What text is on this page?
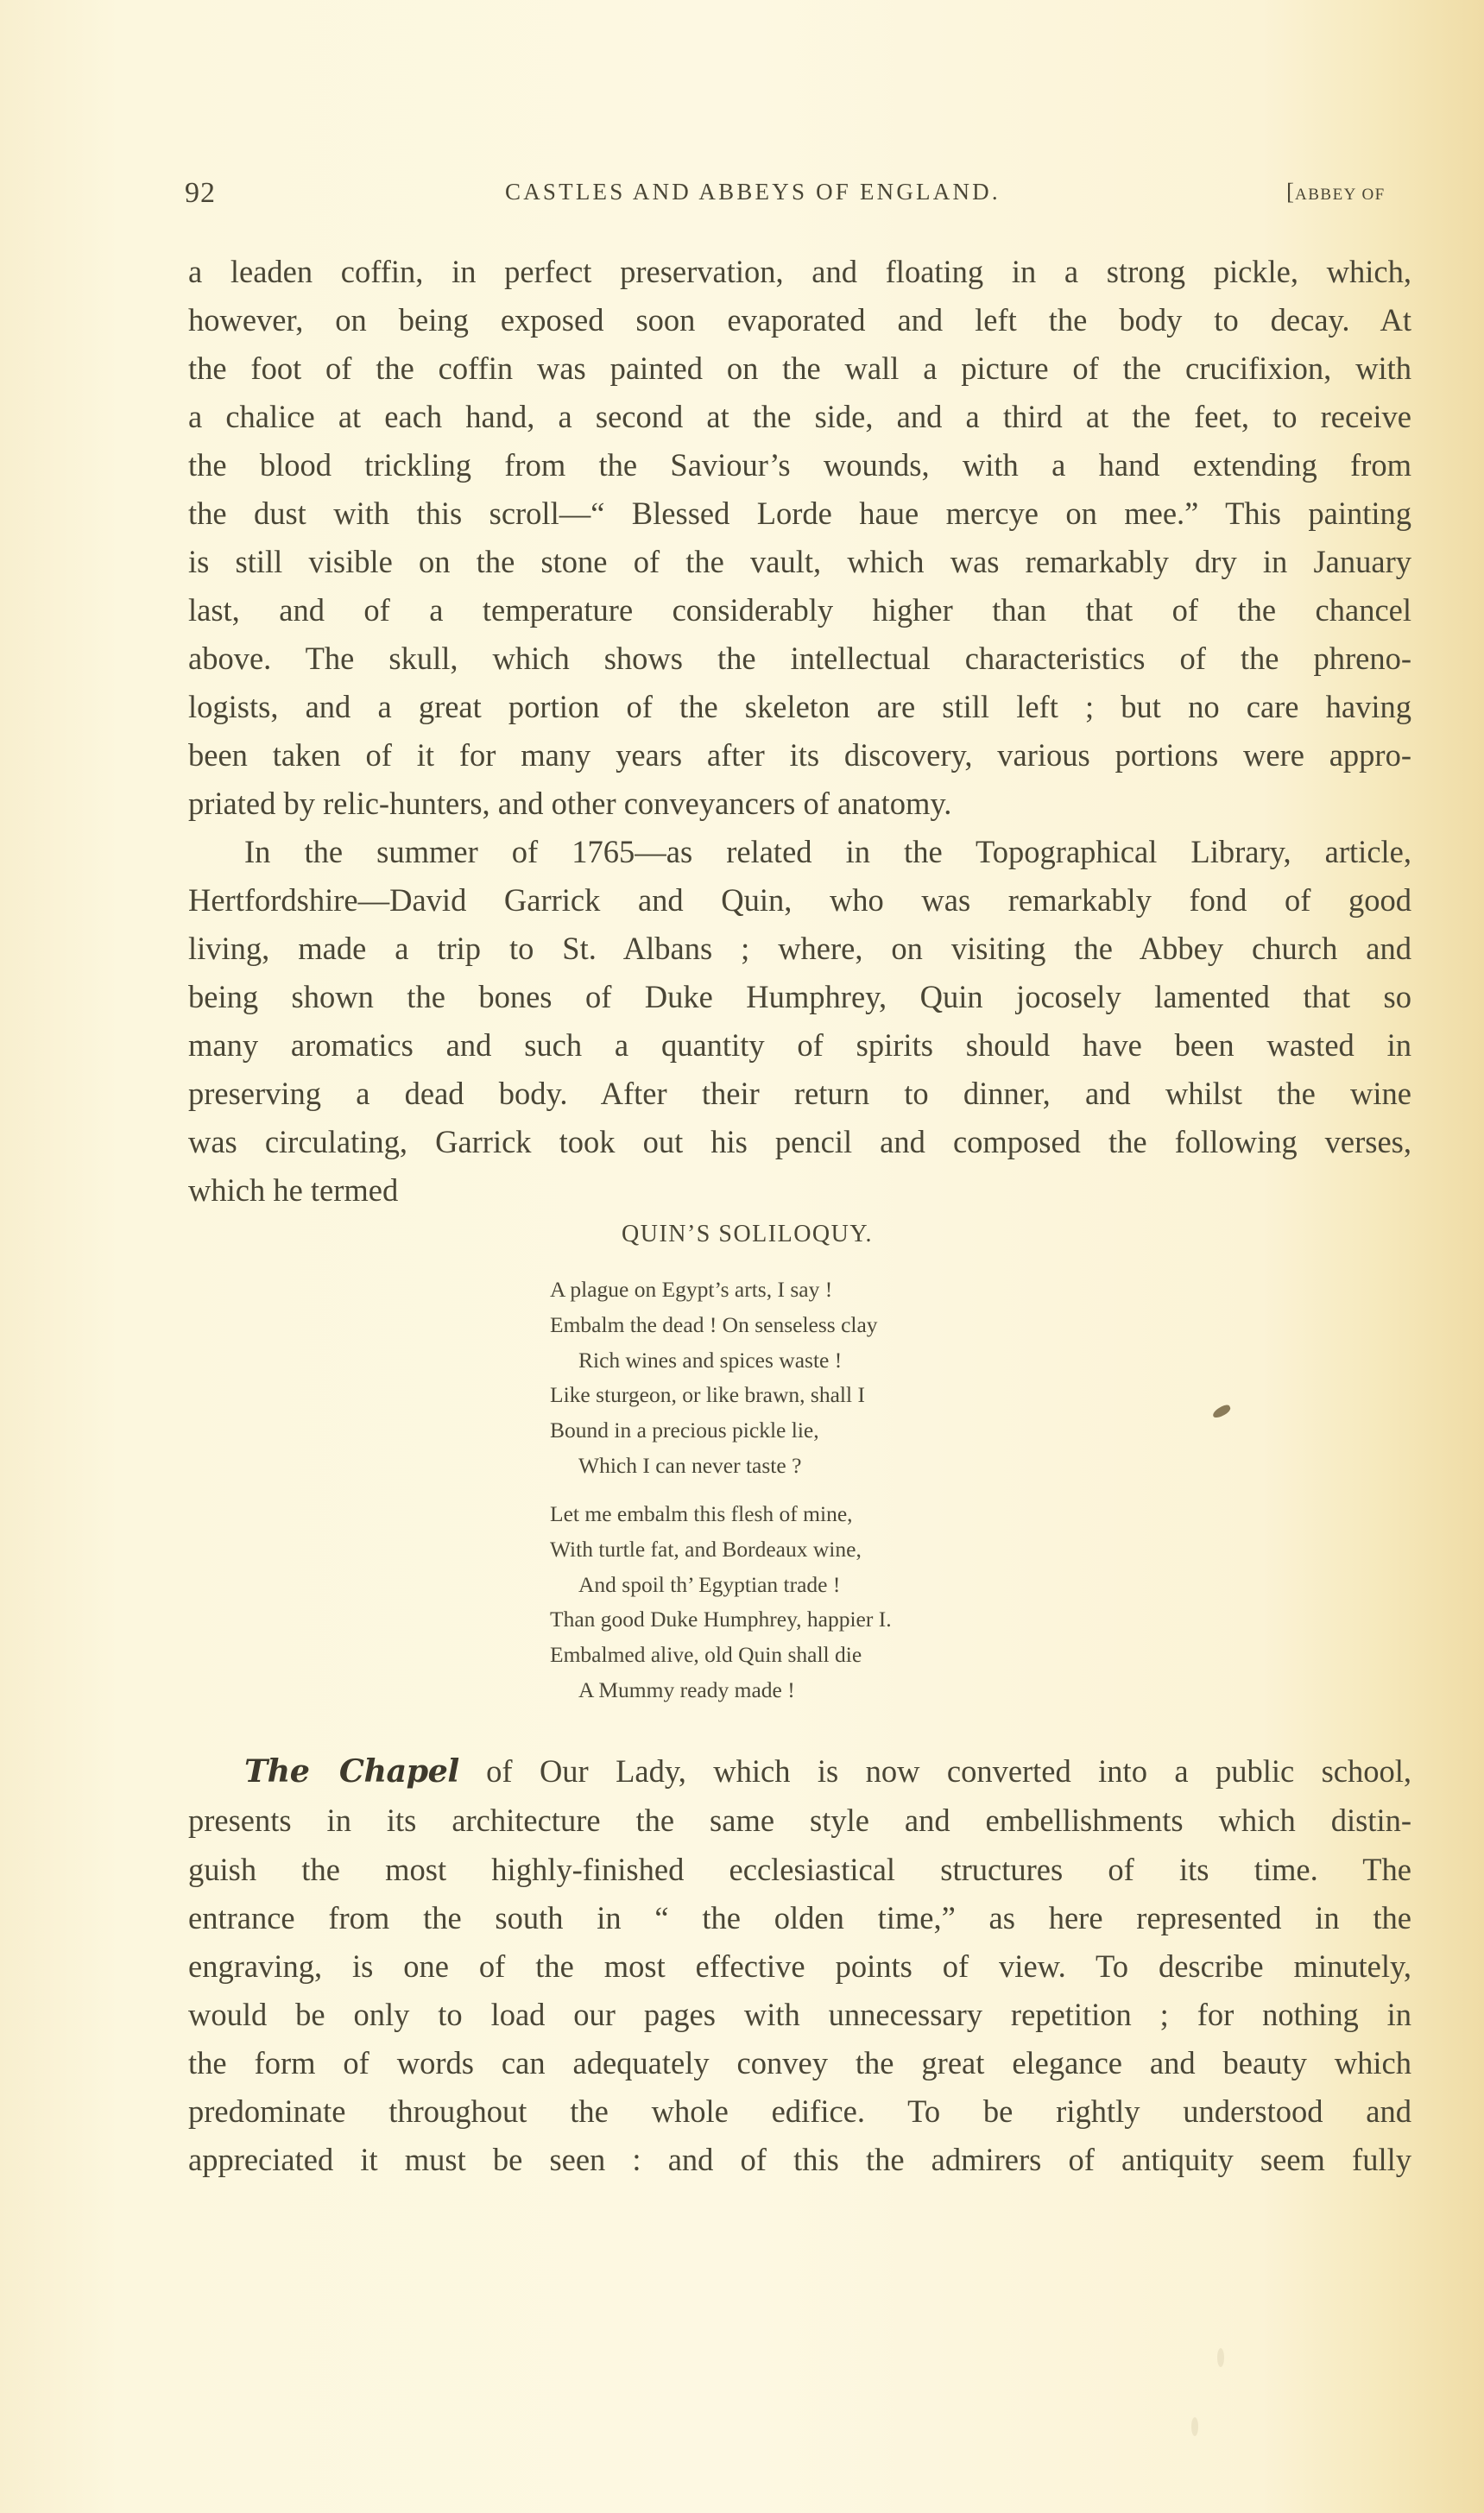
92	CASTLES AND ABBEYS OF ENGLAND.	[ABBEY OF
a leaden coffin, in perfect preservation, and floating in a strong pickle, which,
however, on being exposed soon evaporated and left the body to decay. At
the foot of the coffin was painted on the wall a picture of the crucifixion, with
a chalice at each hand, a second at the side, and a third at the feet, to receive
the blood trickling from the Saviour’s wounds, with a hand extending from
the dust with this scroll—“ Blessed Lorde haue mercye on mee.” This painting
is still visible on the stone of the vault, which was remarkably dry in January
last, and of a temperature considerably higher than that of the chancel
above. The skull, which shows the intellectual characteristics of the phreno-
logists, and a great portion of the skeleton are still left ; but no care having
been taken of it for many years after its discovery, various portions were appro-
priated by relic-hunters, and other conveyancers of anatomy.
In the summer of 1765—as related in the Topographical Library, article,
Hertfordshire—David Garrick and Quin, who was remarkably fond of good
living, made a trip to St. Albans ; where, on visiting the Abbey church and
being shown the bones of Duke Humphrey, Quin jocosely lamented that so
many aromatics and such a quantity of spirits should have been wasted in
preserving a dead body. After their return to dinner, and whilst the wine
was circulating, Garrick took out his pencil and composed the following verses,
which he termed
QUIN’S SOLILOQUY.
A plague on Egypt’s arts, I say !
Embalm the dead ! On senseless clay
Rich wines and spices waste !
Like sturgeon, or like brawn, shall I
Bound in a precious pickle lie,
Which I can never taste ?
Let me embalm this flesh of mine,
With turtle fat, and Bordeaux wine,
And spoil th’ Egyptian trade !
Than good Duke Humphrey, happier I.
Embalmed alive, old Quin shall die
A Mummy ready made !
The Chapel of Our Lady, which is now converted into a public school,
presents in its architecture the same style and embellishments which distin-
guish the most highly-finished ecclesiastical structures of its time. The
entrance from the south in “ the olden time,” as here represented in the
engraving, is one of the most effective points of view. To describe minutely,
would be only to load our pages with unnecessary repetition ; for nothing in
the form of words can adequately convey the great elegance and beauty which
predominate throughout the whole edifice. To be rightly understood and
appreciated it must be seen : and of this the admirers of antiquity seem fully
